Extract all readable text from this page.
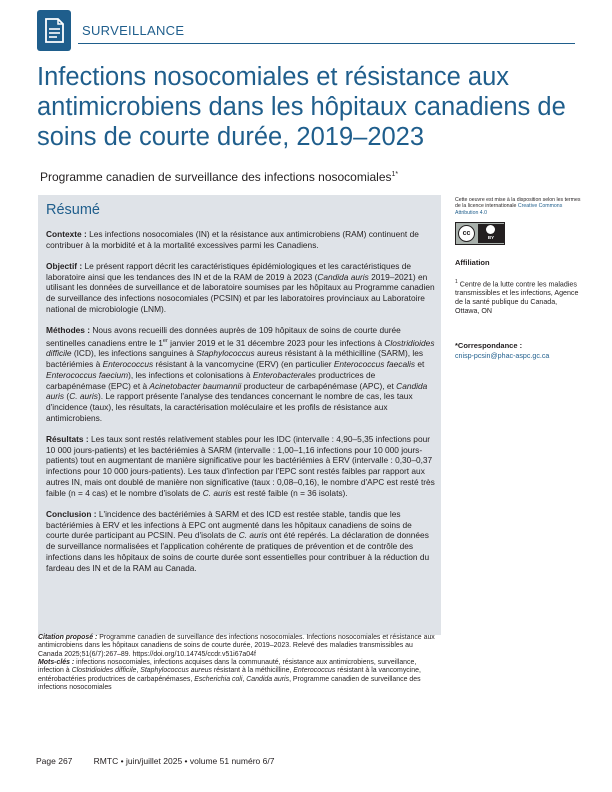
SURVEILLANCE
Infections nosocomiales et résistance aux antimicrobiens dans les hôpitaux canadiens de soins de courte durée, 2019–2023
Programme canadien de surveillance des infections nosocomiales$^{1*}$
Résumé

Contexte : Les infections nosocomiales (IN) et la résistance aux antimicrobiens (RAM) continuent de contribuer à la morbidité et à la mortalité excessives parmi les Canadiens.

Objectif : Le présent rapport décrit les caractéristiques épidémiologiques et les caractéristiques de laboratoire ainsi que les tendances des IN et de la RAM de 2019 à 2023 (Candida auris 2019–2021) en utilisant les données de surveillance et de laboratoire soumises par les hôpitaux au Programme canadien de surveillance des infections nosocomiales (PCSIN) et par les laboratoires provinciaux au Laboratoire national de microbiologie (LNM).

Méthodes : Nous avons recueilli des données auprès de 109 hôpitaux de soins de courte durée sentinelles canadiens entre le 1er janvier 2019 et le 31 décembre 2023 pour les infections à Clostridioides difficile (ICD), les infections sanguines à Staphylococcus aureus résistant à la méthicilline (SARM), les bactériémies à Enterococcus résistant à la vancomycine (ERV) (en particulier Enterococcus faecalis et Enterococcus faecium), les infections et colonisations à Enterobacterales productrices de carbapénémase (EPC) et à Acinetobacter baumannii producteur de carbapénémase (APC), et Candida auris (C. auris). Le rapport présente l'analyse des tendances concernant le nombre de cas, les taux d'incidence (taux), les résultats, la caractérisation moléculaire et les profils de résistance aux antimicrobiens.

Résultats : Les taux sont restés relativement stables pour les IDC (intervalle : 4,90–5,35 infections pour 10 000 jours-patients) et les bactériémies à SARM (intervalle : 1,00–1,16 infections pour 10 000 jours-patients) tout en augmentant de manière significative pour les bactériémies à ERV (intervalle : 0,30–0,37 infections pour 10 000 jours-patients). Les taux d'infection par l'EPC sont restés faibles par rapport aux autres IN, mais ont doublé de manière non significative (taux : 0,08–0,16), le nombre d'APC est resté très faible (n = 4 cas) et le nombre d'isolats de C. auris est resté faible (n = 36 isolats).

Conclusion : L'incidence des bactériémies à SARM et des ICD est restée stable, tandis que les bactériémies à ERV et les infections à EPC ont augmenté dans les hôpitaux canadiens de soins de courte durée participant au PCSIN. Peu d'isolats de C. auris ont été repérés. La déclaration de données de surveillance normalisées et l'application cohérente de pratiques de prévention et de contrôle des infections dans les hôpitaux de soins de courte durée sont essentielles pour contribuer à la réduction du fardeau des IN et de la RAM au Canada.

Cette oeuvre est mise à la disposition selon les termes de la licence internationale Creative Commons Attribution 4.0
cc
BY
Affiliation
$^1$ Centre de la lutte contre les maladies transmissibles et les infections, Agence de la santé publique du Canada, Ottawa, ON
*Correspondance :
cnisp-pcsin@phac-aspc.gc.ca
Citation proposé : Programme canadien de surveillance des infections nosocomiales. Infections nosocomiales et résistance aux antimicrobiens dans les hôpitaux canadiens de soins de courte durée, 2019–2023. Relevé des maladies transmissibles au Canada 2025;51(6/7):267–89. https://doi.org/10.14745/ccdr.v51i67a04f
Mots-clés : infections nosocomiales, infections acquises dans la communauté, résistance aux antimicrobiens, surveillance, infection à Clostridioides difficile, Staphylococcus aureus résistant à la méthicilline, Enterococcus résistant à la vancomycine, entérobactéries productrices de carbapénémases, Escherichia coli, Candida auris, Programme canadien de surveillance des infections nosocomiales
Page 267	RMTC • juin/juillet 2025 • volume 51 numéro 6/7
